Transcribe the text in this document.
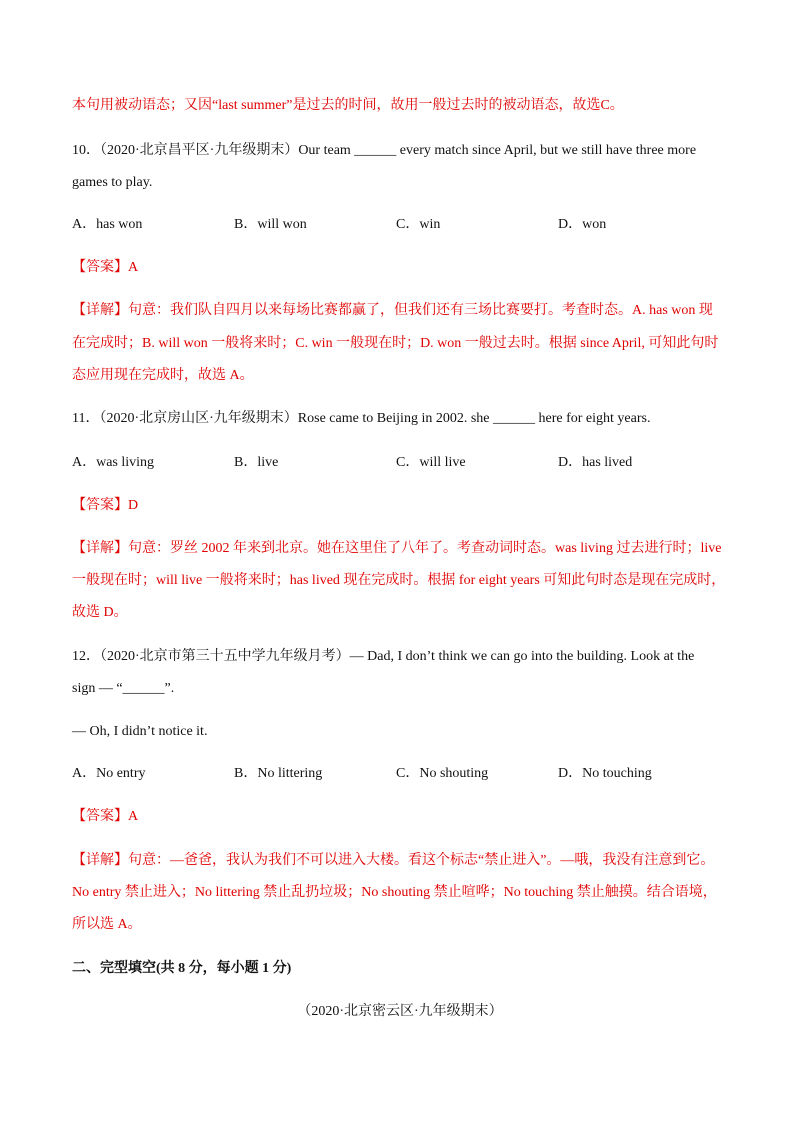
本句用被动语态；又因“last summer”是过去的时间，故用一般过去时的被动语态，故选C。
10．（2020·北京昌平区·九年级期末）Our team ______ every match since April, but we still have three more
games to play.
A．has won	B．will won	C．win	D．won
【答案】A
【详解】句意：我们队自四月以来每场比赛都赢了，但我们还有三场比赛要打。考查时态。A. has won 现
在完成时；B. will won 一般将来时；C. win 一般现在时；D. won 一般过去时。根据 since April, 可知此句时
态应用现在完成时，故选 A。
11．（2020·北京房山区·九年级期末）Rose came to Beijing in 2002. she ______ here for eight years.
A．was living	B．live	C．will live	D．has lived
【答案】D
【详解】句意：罗丝 2002 年来到北京。她在这里住了八年了。考查动词时态。was living 过去进行时；live
一般现在时；will live 一般将来时；has lived 现在完成时。根据 for eight years 可知此句时态是现在完成时，
故选 D。
12．（2020·北京市第三十五中学九年级月考）— Dad, I don’t think we can go into the building. Look at the
sign — “______”.
— Oh, I didn’t notice it.
A．No entry	B．No littering	C．No shouting	D．No touching
【答案】A
【详解】句意：—爸爸，我认为我们不可以进入大楼。看这个标志“禁止进入”。—哦，我没有注意到它。
No entry 禁止进入；No littering 禁止乱扔垃圾；No shouting 禁止喧哗；No touching 禁止触摸。结合语境，
所以选 A。
二、完型填空(共 8 分，每小题 1 分)
（2020·北京密云区·九年级期末）
